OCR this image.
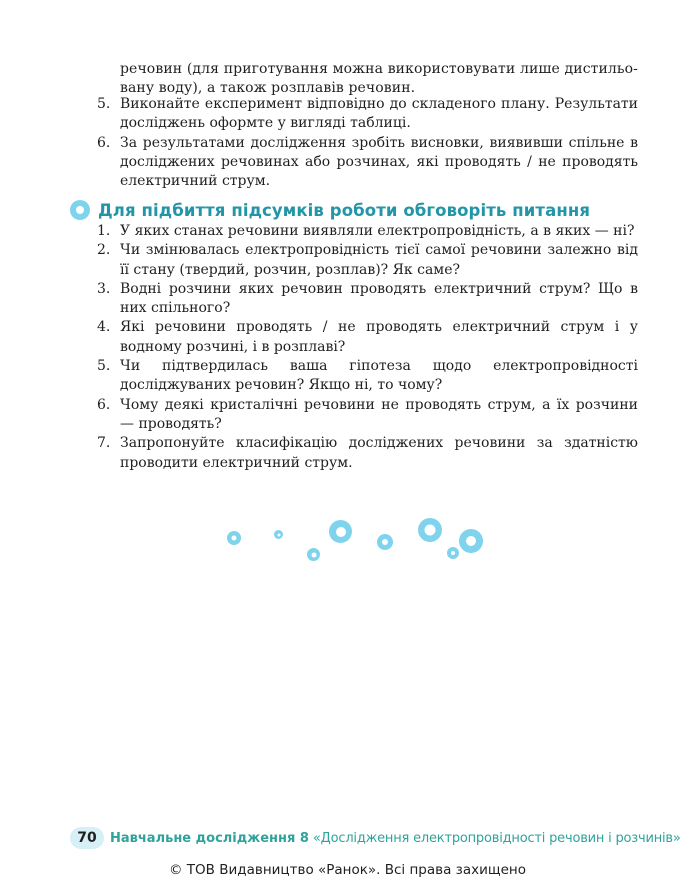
речовин (для приготування можна використовувати лише дистильо-
вану воду), а також розплавів речовин.
5. Виконайте експеримент відповідно до складеного плану. Результати досліджень оформте у вигляді таблиці.
6. За результатами дослідження зробіть висновки, виявивши спільне в досліджених речовинах або розчинах, які проводять / не проводять електричний струм.
Для підбиття підсумків роботи обговоріть питання
1. У яких станах речовини виявляли електропровідність, а в яких — ні?
2. Чи змінювалась електропровідність тієї самої речовини залежно від її стану (твердий, розчин, розплав)? Як саме?
3. Водні розчини яких речовин проводять електричний струм? Що в них спільного?
4. Які речовини проводять / не проводять електричний струм і у водному розчині, і в розплаві?
5. Чи підтвердилась ваша гіпотеза щодо електропровідності досліджуваних речовин? Якщо ні, то чому?
6. Чому деякі кристалічні речовини не проводять струм, а їх розчини — проводять?
7. Запропонуйте класифікацію досліджених речовини за здатністю проводити електричний струм.
70	Навчальне дослідження 8 «Дослідження електропровідності речовин і розчинів»
© ТОВ Видавництво «Ранок». Всі права захищено
